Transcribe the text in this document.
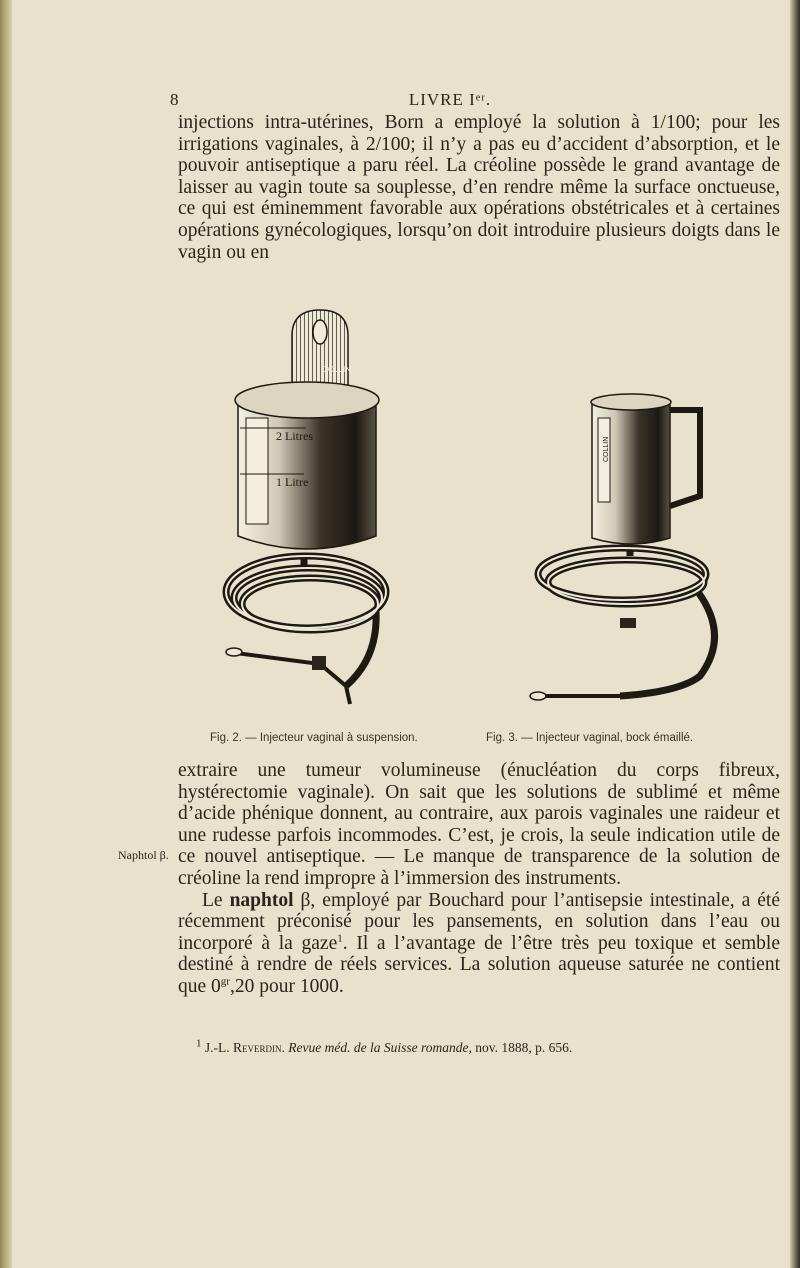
8	LIVRE Iᵉʳ.

injections intra-utérines, Born a employé la solution à 1/100; pour les irrigations vaginales, à 2/100; il n’y a pas eu d’accident d’absorption, et le pouvoir antiseptique a paru réel. La créoline possède le grand avantage de laisser au vagin toute sa souplesse, d’en rendre même la surface onctueuse, ce qui est éminemment favorable aux opérations obstétricales et à certaines opérations gynécologiques, lorsqu’on doit introduire plusieurs doigts dans le vagin ou en

COLLIN
2 Litres
1 Litre
COLLIN
Fig. 2. — Injecteur vaginal à suspension.	Fig. 3. — Injecteur vaginal, bock émaillé.
Naphtol β.

extraire une tumeur volumineuse (énucléation du corps fibreux, hystérectomie vaginale). On sait que les solutions de sublimé et même d’acide phénique donnent, au contraire, aux parois vaginales une raideur et une rudesse parfois incommodes. C’est, je crois, la seule indication utile de ce nouvel antiseptique. — Le manque de transparence de la solution de créoline la rend impropre à l’immersion des instruments.

Le naphtol β, employé par Bouchard pour l’antisepsie intestinale, a été récemment préconisé pour les pansements, en solution dans l’eau ou incorporé à la gaze$^1$. Il a l’avantage de l’être très peu toxique et semble destiné à rendre de réels services. La solution aqueuse saturée ne contient que $0^{gr},20$ pour 1000.

$^1$ J.-L. Reverdin. Revue méd. de la Suisse romande, nov. 1888, p. 656.
